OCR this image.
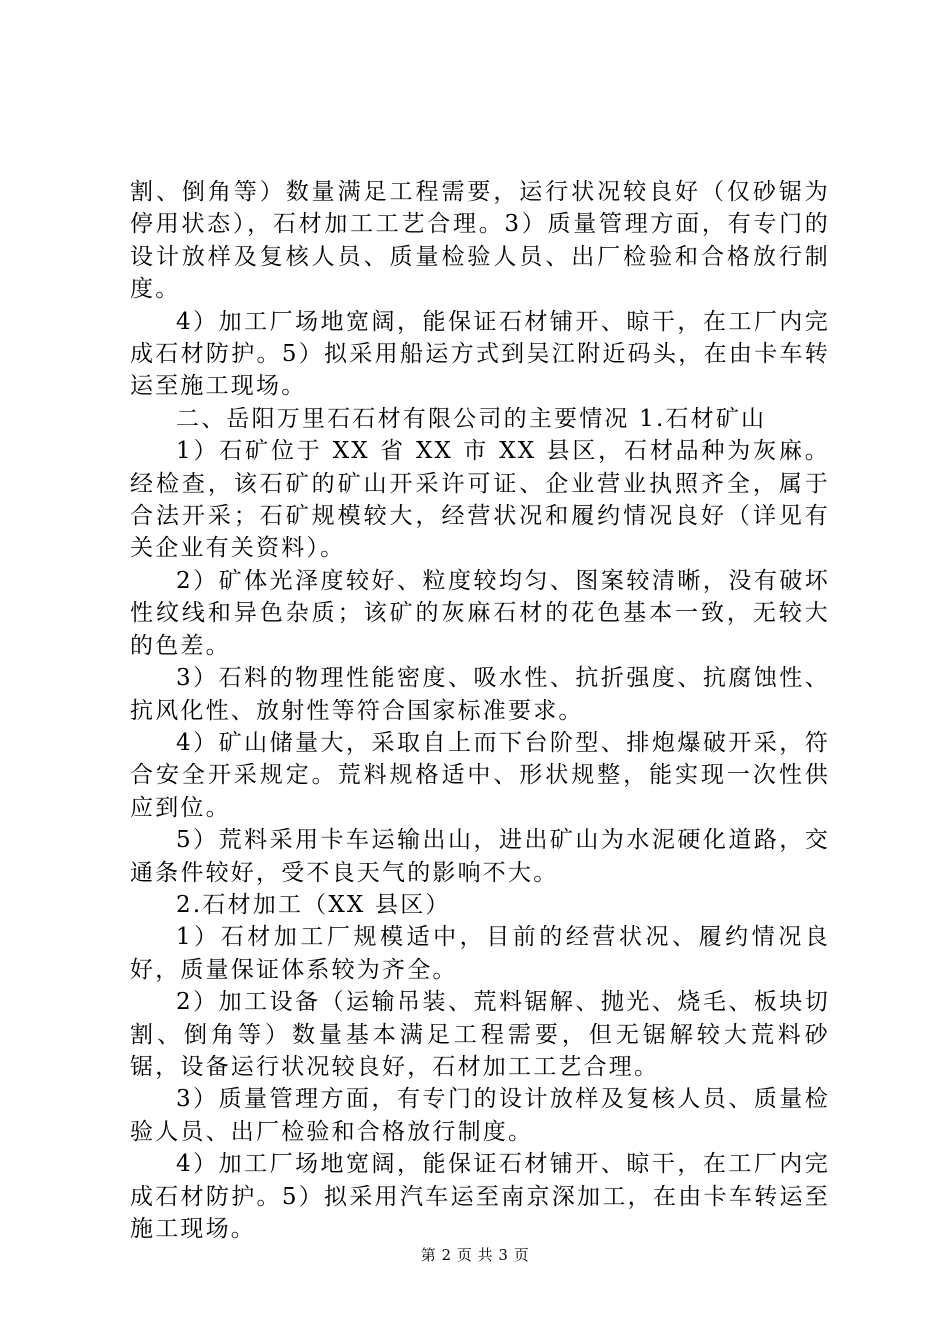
割、倒角等）数量满足工程需要，运行状况较良好（仅砂锯为停用状态），石材加工工艺合理。3）质量管理方面，有专门的设计放样及复核人员、质量检验人员、出厂检验和合格放行制度。

4）加工厂场地宽阔，能保证石材铺开、晾干，在工厂内完成石材防护。5）拟采用船运方式到吴江附近码头，在由卡车转运至施工现场。

二、岳阳万里石石材有限公司的主要情况 1.石材矿山

1）石矿位于 XX 省 XX 市 XX 县区，石材品种为灰麻。经检查，该石矿的矿山开采许可证、企业营业执照齐全，属于合法开采；石矿规模较大，经营状况和履约情况良好（详见有关企业有关资料）。

2）矿体光泽度较好、粒度较均匀、图案较清晰，没有破坏性纹线和异色杂质；该矿的灰麻石材的花色基本一致，无较大的色差。

3）石料的物理性能密度、吸水性、抗折强度、抗腐蚀性、抗风化性、放射性等符合国家标准要求。

4）矿山储量大，采取自上而下台阶型、排炮爆破开采，符合安全开采规定。荒料规格适中、形状规整，能实现一次性供应到位。

5）荒料采用卡车运输出山，进出矿山为水泥硬化道路，交通条件较好，受不良天气的影响不大。

2.石材加工（XX 县区）

1）石材加工厂规模适中，目前的经营状况、履约情况良好，质量保证体系较为齐全。

2）加工设备（运输吊装、荒料锯解、抛光、烧毛、板块切割、倒角等）数量基本满足工程需要，但无锯解较大荒料砂锯，设备运行状况较良好，石材加工工艺合理。

3）质量管理方面，有专门的设计放样及复核人员、质量检验人员、出厂检验和合格放行制度。

4）加工厂场地宽阔，能保证石材铺开、晾干，在工厂内完成石材防护。5）拟采用汽车运至南京深加工，在由卡车转运至施工现场。

第 2 页 共 3 页
